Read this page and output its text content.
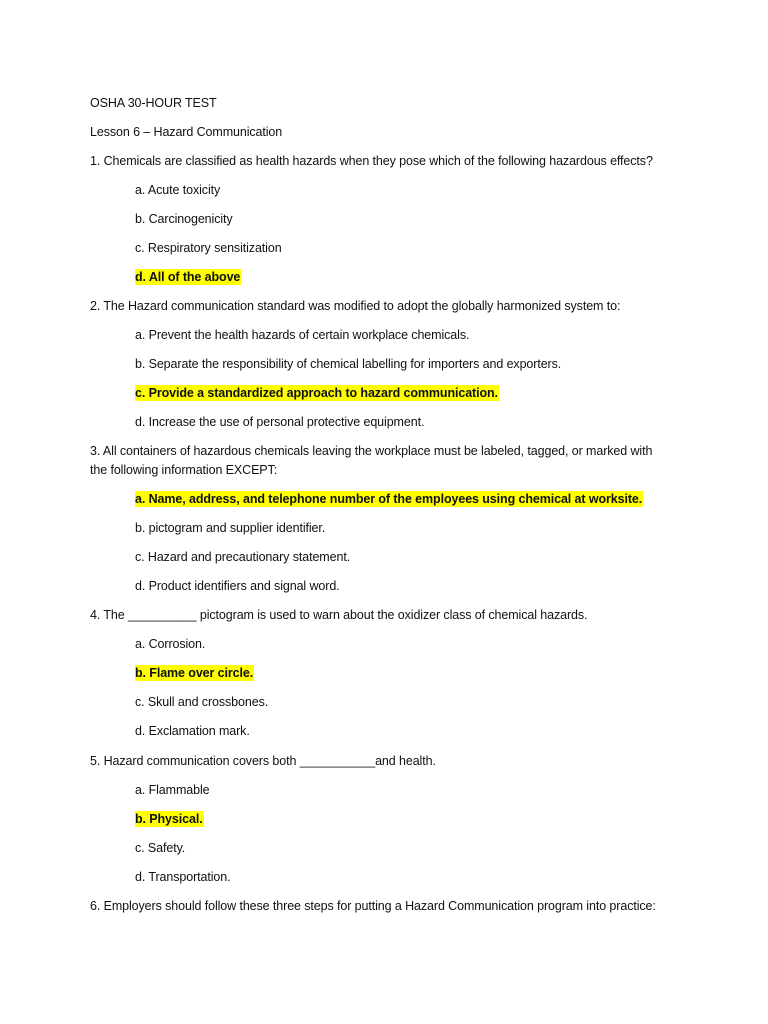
OSHA 30-HOUR TEST
Lesson 6 – Hazard Communication
1. Chemicals are classified as health hazards when they pose which of the following hazardous effects?
a. Acute toxicity
b. Carcinogenicity
c. Respiratory sensitization
d. All of the above
2. The Hazard communication standard was modified to adopt the globally harmonized system to:
a. Prevent the health hazards of certain workplace chemicals.
b. Separate the responsibility of chemical labelling for importers and exporters.
c. Provide a standardized approach to hazard communication.
d. Increase the use of personal protective equipment.
3. All containers of hazardous chemicals leaving the workplace must be labeled, tagged, or marked with
the following information EXCEPT:
a. Name, address, and telephone number of the employees using chemical at worksite.
b. pictogram and supplier identifier.
c. Hazard and precautionary statement.
d. Product identifiers and signal word.
4. The __________ pictogram is used to warn about the oxidizer class of chemical hazards.
a. Corrosion.
b. Flame over circle.
c. Skull and crossbones.
d. Exclamation mark.
5. Hazard communication covers both ___________and health.
a. Flammable
b. Physical.
c. Safety.
d. Transportation.
6. Employers should follow these three steps for putting a Hazard Communication program into practice:
